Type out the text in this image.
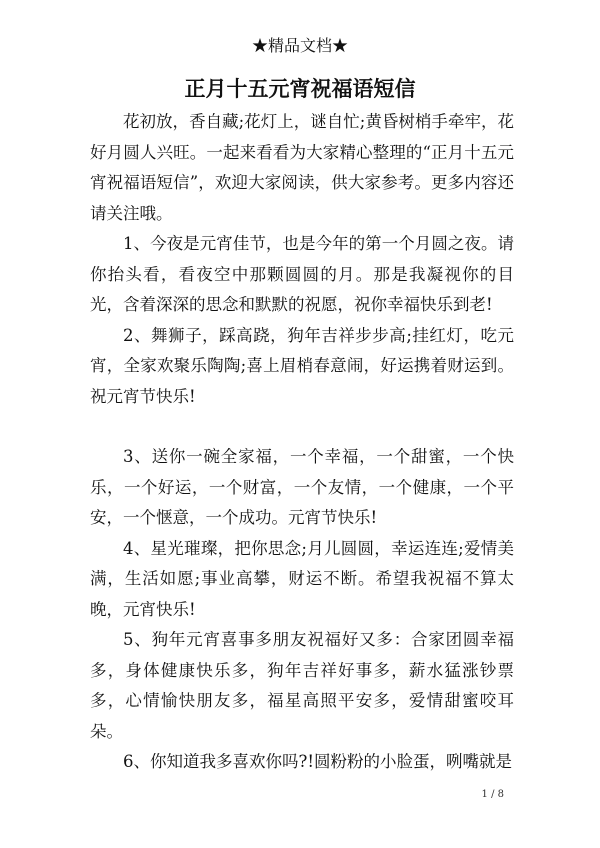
★精品文档★
正月十五元宵祝福语短信

花初放，香自藏;花灯上，谜自忙;黄昏树梢手牵牢，花好月圆人兴旺。一起来看看为大家精心整理的“正月十五元宵祝福语短信”，欢迎大家阅读，供大家参考。更多内容还请关注哦。

1、今夜是元宵佳节，也是今年的第一个月圆之夜。请你抬头看，看夜空中那颗圆圆的月。那是我凝视你的目光，含着深深的思念和默默的祝愿，祝你幸福快乐到老!

2、舞狮子，踩高跷，狗年吉祥步步高;挂红灯，吃元宵，全家欢聚乐陶陶;喜上眉梢春意闹，好运携着财运到。祝元宵节快乐!

3、送你一碗全家福，一个幸福，一个甜蜜，一个快乐，一个好运，一个财富，一个友情，一个健康，一个平安，一个惬意，一个成功。元宵节快乐!

4、星光璀璨，把你思念;月儿圆圆，幸运连连;爱情美满，生活如愿;事业高攀，财运不断。希望我祝福不算太晚，元宵快乐!

5、狗年元宵喜事多朋友祝福好又多：合家团圆幸福多，身体健康快乐多，狗年吉祥好事多，薪水猛涨钞票多，心情愉快朋友多，福星高照平安多，爱情甜蜜咬耳朵。

6、你知道我多喜欢你吗?!圆粉粉的小脸蛋，咧嘴就是

1 / 8
